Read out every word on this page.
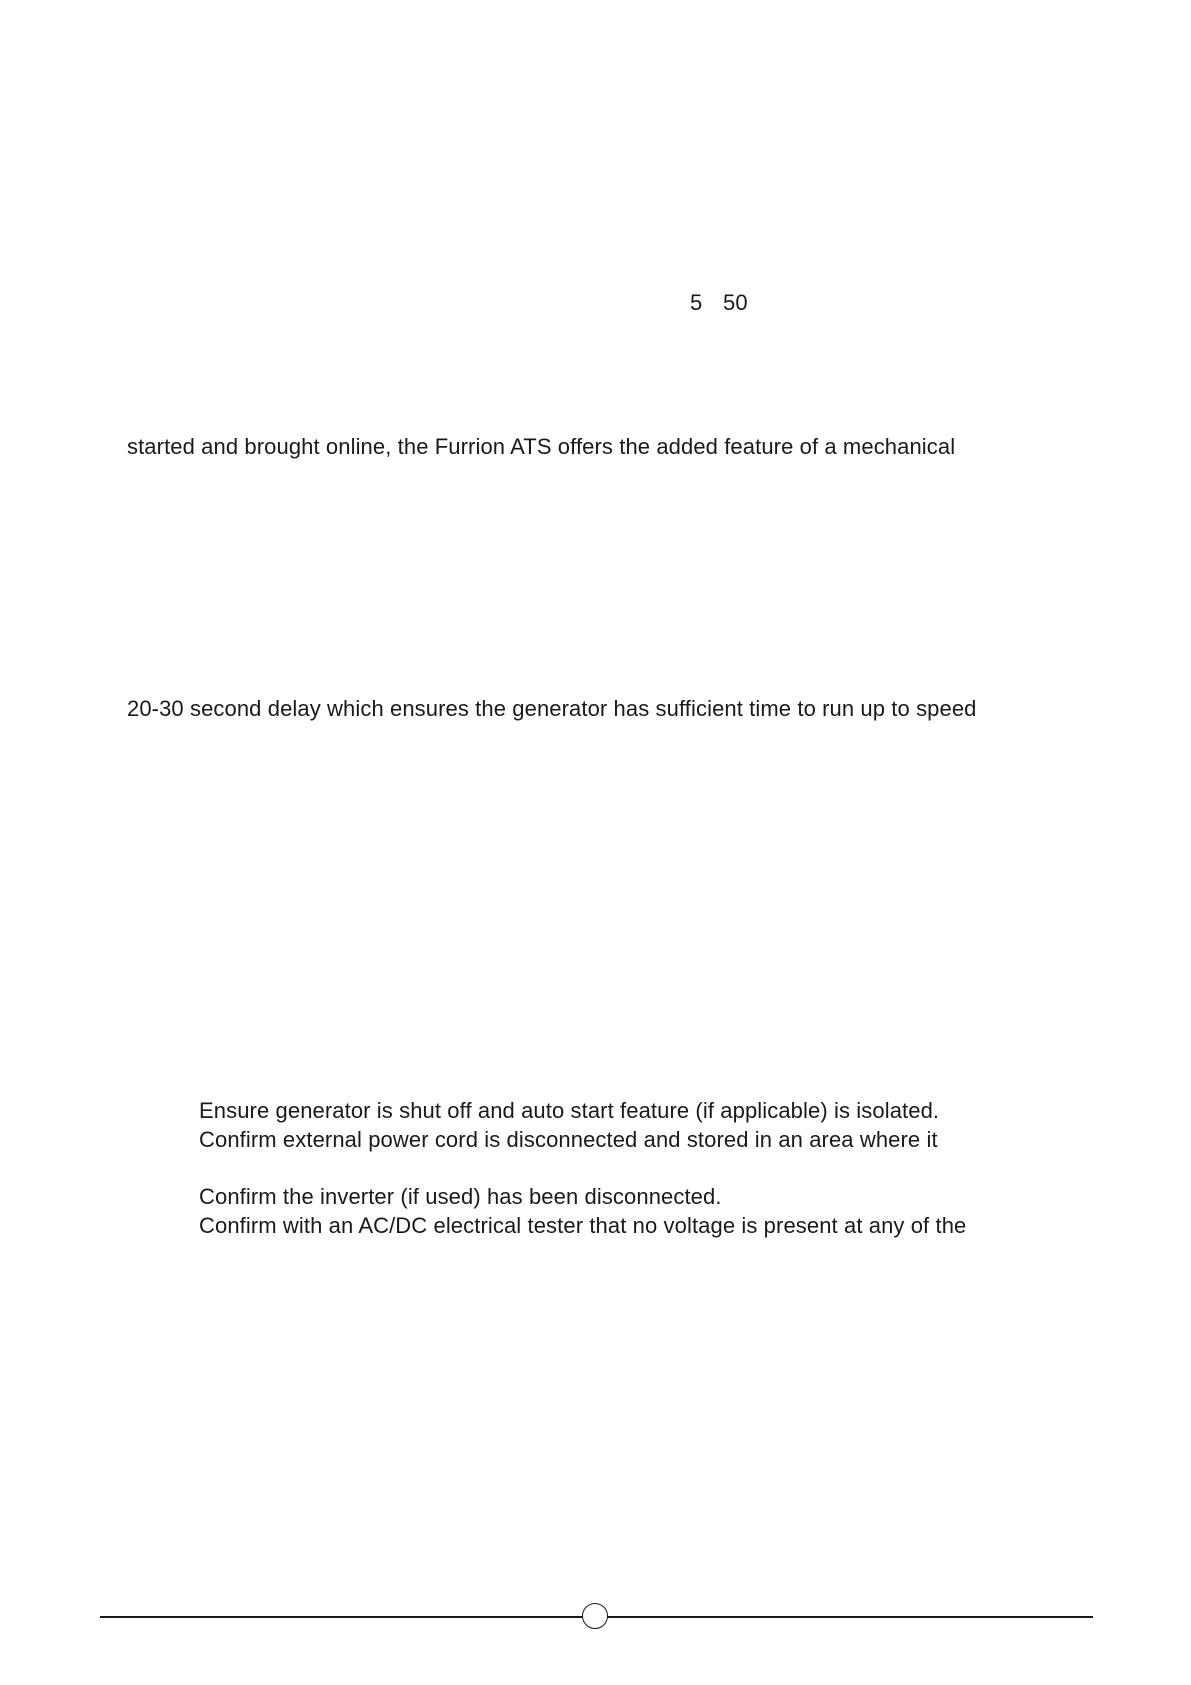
5 50
started and brought online, the Furrion ATS offers the added feature of a mechanical
20-30 second delay which ensures the generator has sufficient time to run up to speed
Ensure generator is shut off and auto start feature (if applicable) is isolated.
Confirm external power cord is disconnected and stored in an area where it
Confirm the inverter (if used) has been disconnected.
Confirm with an AC/DC electrical tester that no voltage is present at any of the
